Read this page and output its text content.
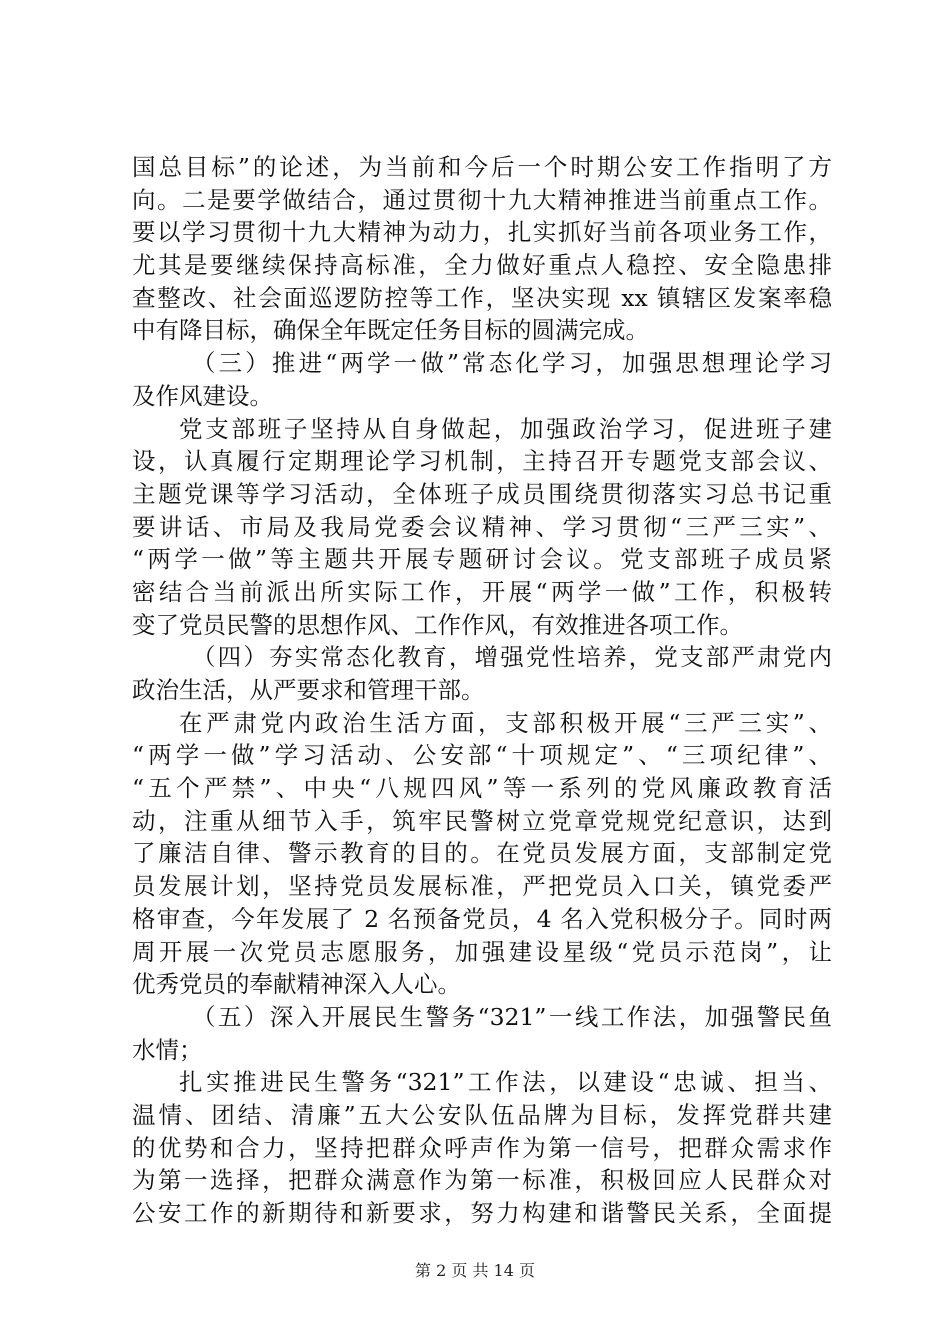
国总目标”的论述，为当前和今后一个时期公安工作指明了方
向。二是要学做结合，通过贯彻十九大精神推进当前重点工作。
要以学习贯彻十九大精神为动力，扎实抓好当前各项业务工作，
尤其是要继续保持高标准，全力做好重点人稳控、安全隐患排
查整改、社会面巡逻防控等工作，坚决实现 xx 镇辖区发案率稳
中有降目标，确保全年既定任务目标的圆满完成。
（三）推进“两学一做”常态化学习，加强思想理论学习
及作风建设。
党支部班子坚持从自身做起，加强政治学习，促进班子建
设，认真履行定期理论学习机制，主持召开专题党支部会议、
主题党课等学习活动，全体班子成员围绕贯彻落实习总书记重
要讲话、市局及我局党委会议精神、学习贯彻“三严三实”、
“两学一做”等主题共开展专题研讨会议。党支部班子成员紧
密结合当前派出所实际工作，开展“两学一做”工作，积极转
变了党员民警的思想作风、工作作风，有效推进各项工作。
（四）夯实常态化教育，增强党性培养，党支部严肃党内
政治生活，从严要求和管理干部。
在严肃党内政治生活方面，支部积极开展“三严三实”、
“两学一做”学习活动、公安部“十项规定”、“三项纪律”、
“五个严禁”、中央“八规四风”等一系列的党风廉政教育活
动，注重从细节入手，筑牢民警树立党章党规党纪意识，达到
了廉洁自律、警示教育的目的。在党员发展方面，支部制定党
员发展计划，坚持党员发展标准，严把党员入口关，镇党委严
格审查，今年发展了 2 名预备党员，4 名入党积极分子。同时两
周开展一次党员志愿服务，加强建设星级“党员示范岗”，让
优秀党员的奉献精神深入人心。
（五）深入开展民生警务“321”一线工作法，加强警民鱼
水情；
扎实推进民生警务“321”工作法，以建设“忠诚、担当、
温情、团结、清廉”五大公安队伍品牌为目标，发挥党群共建
的优势和合力，坚持把群众呼声作为第一信号，把群众需求作
为第一选择，把群众满意作为第一标准，积极回应人民群众对
公安工作的新期待和新要求，努力构建和谐警民关系，全面提
第 2 页 共 14 页
